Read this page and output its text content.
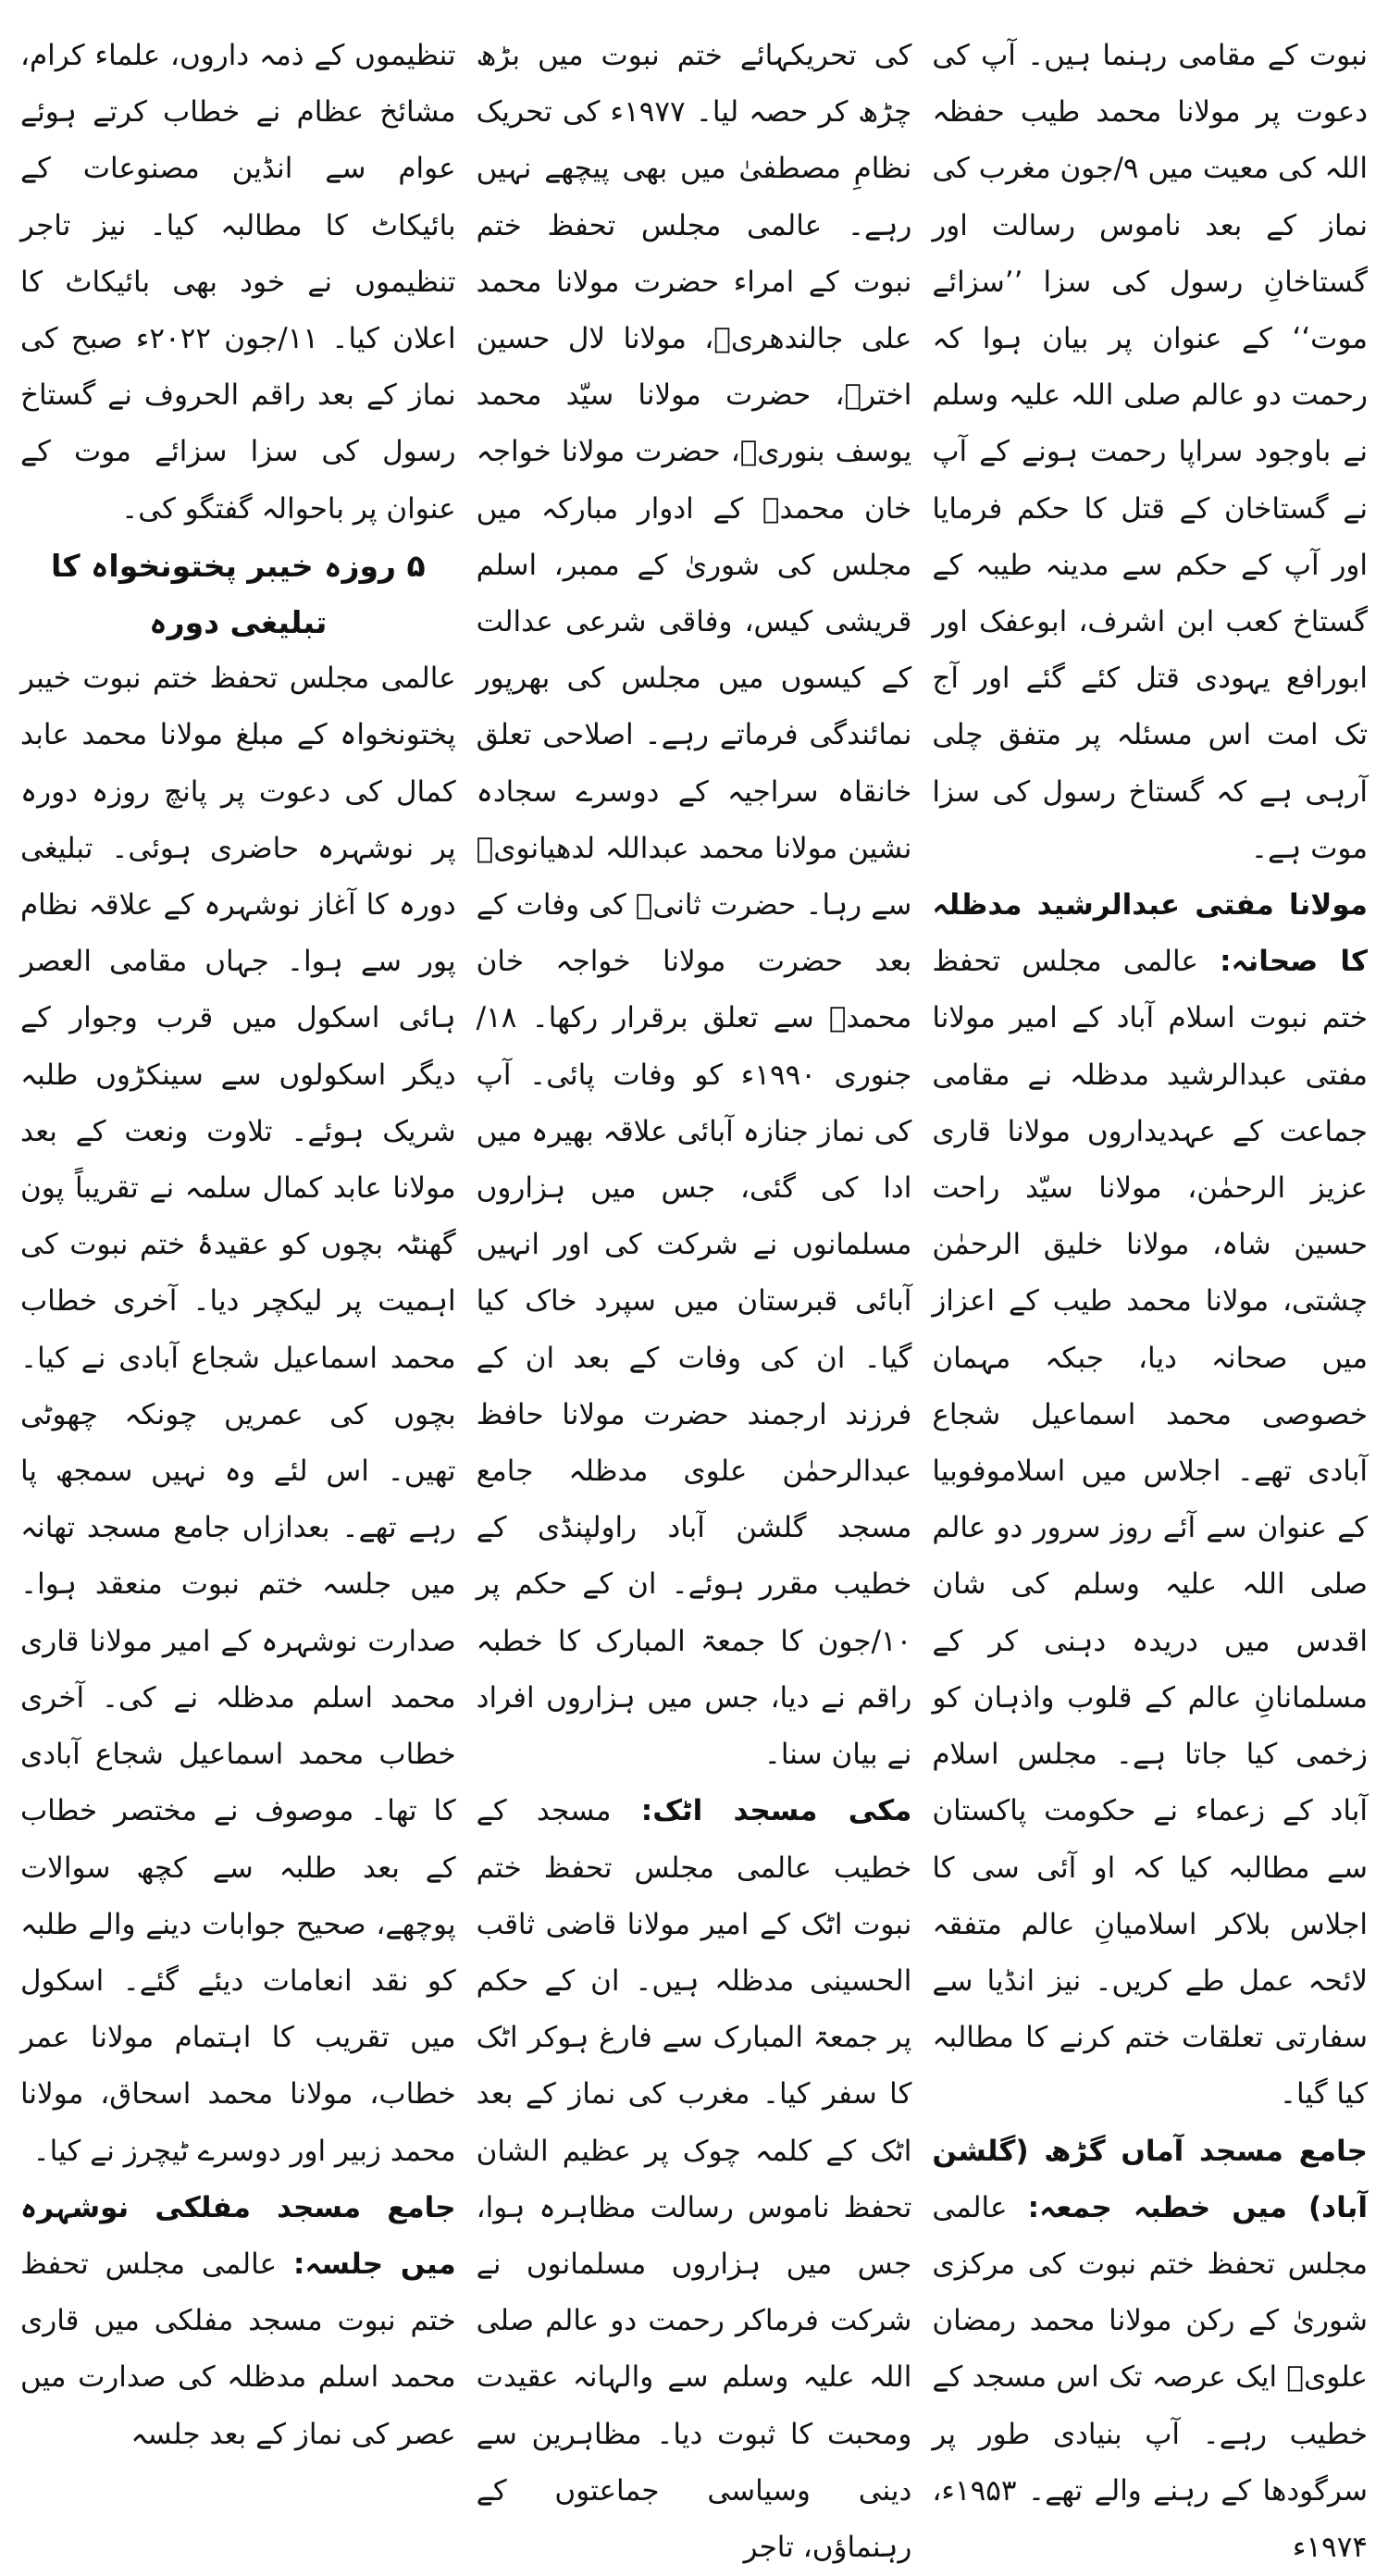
نبوت کے مقامی رہنما ہیں۔ آپ کی دعوت پر مولانا محمد طیب حفظہ اللہ کی معیت میں ۹/جون مغرب کی نماز کے بعد ناموس رسالت اور گستاخانِ رسول کی سزا ’’سزائے موت‘‘ کے عنوان پر بیان ہوا کہ رحمت دو عالم صلی اللہ علیہ وسلم نے باوجود سراپا رحمت ہونے کے آپ نے گستاخان کے قتل کا حکم فرمایا اور آپ کے حکم سے مدینہ طیبہ کے گستاخ کعب ابن اشرف، ابوعفک اور ابورافع یہودی قتل کئے گئے اور آج تک امت اس مسئلہ پر متفق چلی آرہی ہے کہ گستاخ رسول کی سزا موت ہے۔

مولانا مفتی عبدالرشید مدظلہ کا صحانہ: عالمی مجلس تحفظ ختم نبوت اسلام آباد کے امیر مولانا مفتی عبدالرشید مدظلہ نے مقامی جماعت کے عہدیداروں مولانا قاری عزیز الرحمٰن، مولانا سیّد راحت حسین شاہ، مولانا خلیق الرحمٰن چشتی، مولانا محمد طیب کے اعزاز میں صحانہ دیا، جبکہ مہمان خصوصی محمد اسماعیل شجاع آبادی تھے۔ اجلاس میں اسلاموفوبیا کے عنوان سے آئے روز سرور دو عالم صلی اللہ علیہ وسلم کی شان اقدس میں دریدہ دہنی کر کے مسلمانانِ عالم کے قلوب واذہان کو زخمی کیا جاتا ہے۔ مجلس اسلام آباد کے زعماء نے حکومت پاکستان سے مطالبہ کیا کہ او آئی سی کا اجلاس بلاکر اسلامیانِ عالم متفقہ لائحہ عمل طے کریں۔ نیز انڈیا سے سفارتی تعلقات ختم کرنے کا مطالبہ کیا گیا۔

جامع مسجد آماں گڑھ (گلشن آباد) میں خطبہ جمعہ: عالمی مجلس تحفظ ختم نبوت کی مرکزی شوریٰ کے رکن مولانا محمد رمضان علویؒ ایک عرصہ تک اس مسجد کے خطیب رہے۔ آپ بنیادی طور پر سرگودھا کے رہنے والے تھے۔ ۱۹۵۳ء، ۱۹۷۴ء

کی تحریکہائے ختم نبوت میں بڑھ چڑھ کر حصہ لیا۔ ۱۹۷۷ء کی تحریک نظامِ مصطفیٰ میں بھی پیچھے نہیں رہے۔ عالمی مجلس تحفظ ختم نبوت کے امراء حضرت مولانا محمد علی جالندھریؒ، مولانا لال حسین اخترؒ، حضرت مولانا سیّد محمد یوسف بنوریؒ، حضرت مولانا خواجہ خان محمدؒ کے ادوار مبارکہ میں مجلس کی شوریٰ کے ممبر، اسلم قریشی کیس، وفاقی شرعی عدالت کے کیسوں میں مجلس کی بھرپور نمائندگی فرماتے رہے۔ اصلاحی تعلق خانقاہ سراجیہ کے دوسرے سجادہ نشین مولانا محمد عبداللہ لدھیانویؒ سے رہا۔ حضرت ثانیؒ کی وفات کے بعد حضرت مولانا خواجہ خان محمدؒ سے تعلق برقرار رکھا۔ ۱۸/جنوری ۱۹۹۰ء کو وفات پائی۔ آپ کی نماز جنازہ آبائی علاقہ بھیرہ میں ادا کی گئی، جس میں ہزاروں مسلمانوں نے شرکت کی اور انہیں آبائی قبرستان میں سپرد خاک کیا گیا۔ ان کی وفات کے بعد ان کے فرزند ارجمند حضرت مولانا حافظ عبدالرحمٰن علوی مدظلہ جامع مسجد گلشن آباد راولپنڈی کے خطیب مقرر ہوئے۔ ان کے حکم پر ۱۰/جون کا جمعۃ المبارک کا خطبہ راقم نے دیا، جس میں ہزاروں افراد نے بیان سنا۔

مکی مسجد اٹک: مسجد کے خطیب عالمی مجلس تحفظ ختم نبوت اٹک کے امیر مولانا قاضی ثاقب الحسینی مدظلہ ہیں۔ ان کے حکم پر جمعۃ المبارک سے فارغ ہوکر اٹک کا سفر کیا۔ مغرب کی نماز کے بعد اٹک کے کلمہ چوک پر عظیم الشان تحفظ ناموس رسالت مظاہرہ ہوا، جس میں ہزاروں مسلمانوں نے شرکت فرماکر رحمت دو عالم صلی اللہ علیہ وسلم سے والہانہ عقیدت ومحبت کا ثبوت دیا۔ مظاہرین سے دینی وسیاسی جماعتوں کے رہنماؤں، تاجر

تنظیموں کے ذمہ داروں، علماء کرام، مشائخ عظام نے خطاب کرتے ہوئے عوام سے انڈین مصنوعات کے بائیکاٹ کا مطالبہ کیا۔ نیز تاجر تنظیموں نے خود بھی بائیکاٹ کا اعلان کیا۔ ۱۱/جون ۲۰۲۲ء صبح کی نماز کے بعد راقم الحروف نے گستاخ رسول کی سزا سزائے موت کے عنوان پر باحوالہ گفتگو کی۔

۵ روزہ خیبر پختونخواہ کا تبلیغی دورہ

عالمی مجلس تحفظ ختم نبوت خیبر پختونخواہ کے مبلغ مولانا محمد عابد کمال کی دعوت پر پانچ روزہ دورہ پر نوشہرہ حاضری ہوئی۔ تبلیغی دورہ کا آغاز نوشہرہ کے علاقہ نظام پور سے ہوا۔ جہاں مقامی العصر ہائی اسکول میں قرب وجوار کے دیگر اسکولوں سے سینکڑوں طلبہ شریک ہوئے۔ تلاوت ونعت کے بعد مولانا عابد کمال سلمہ نے تقریباً پون گھنٹہ بچوں کو عقیدۂ ختم نبوت کی اہمیت پر لیکچر دیا۔ آخری خطاب محمد اسماعیل شجاع آبادی نے کیا۔ بچوں کی عمریں چونکہ چھوٹی تھیں۔ اس لئے وہ نہیں سمجھ پا رہے تھے۔ بعدازاں جامع مسجد تھانہ میں جلسہ ختم نبوت منعقد ہوا۔ صدارت نوشہرہ کے امیر مولانا قاری محمد اسلم مدظلہ نے کی۔ آخری خطاب محمد اسماعیل شجاع آبادی کا تھا۔ موصوف نے مختصر خطاب کے بعد طلبہ سے کچھ سوالات پوچھے، صحیح جوابات دینے والے طلبہ کو نقد انعامات دیئے گئے۔ اسکول میں تقریب کا اہتمام مولانا عمر خطاب، مولانا محمد اسحاق، مولانا محمد زبیر اور دوسرے ٹیچرز نے کیا۔

جامع مسجد مفلکی نوشہرہ میں جلسہ: عالمی مجلس تحفظ ختم نبوت مسجد مفلکی میں قاری محمد اسلم مدظلہ کی صدارت میں عصر کی نماز کے بعد جلسہ
